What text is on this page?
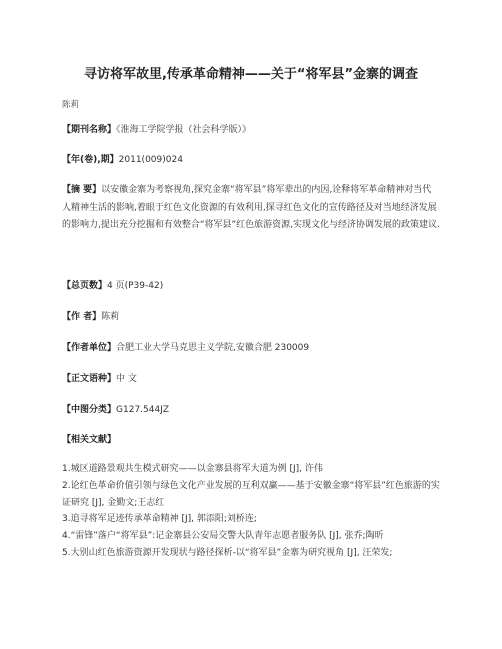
寻访将军故里,传承革命精神——关于“将军县”金寨的调查
陈莉
【期刊名称】《淮海工学院学报（社会科学版）》
【年(卷),期】2011(009)024
【摘 要】以安徽金寨为考察视角,探究金寨“将军县”将军辈出的内因,诠释将军革命精神对当代人精神生活的影响,着眼于红色文化资源的有效利用,探寻红色文化的宣传路径及对当地经济发展的影响力,提出充分挖掘和有效整合“将军县”红色旅游资源,实现文化与经济协调发展的政策建议.
【总页数】4 页(P39-42)
【作 者】陈莉
【作者单位】合肥工业大学马克思主义学院,安徽合肥 230009
【正文语种】中 文
【中图分类】G127.544JZ
【相关文献】
1.城区道路景观共生模式研究——以金寨县将军大道为例 [J], 许伟
2.论红色革命价值引领与绿色文化产业发展的互利双赢——基于安徽金寨“将军县”红色旅游的实证研究 [J], 金勤文;王志红
3.追寻将军足迹传承革命精神 [J], 郭添阳;刘桥连;
4.“雷锋”落户“将军县”:记金寨县公安局交警大队青年志愿者服务队 [J], 张乔;陶昕
5.大别山红色旅游资源开发现状与路径探析-以“将军县”金寨为研究视角 [J], 汪荣发;
